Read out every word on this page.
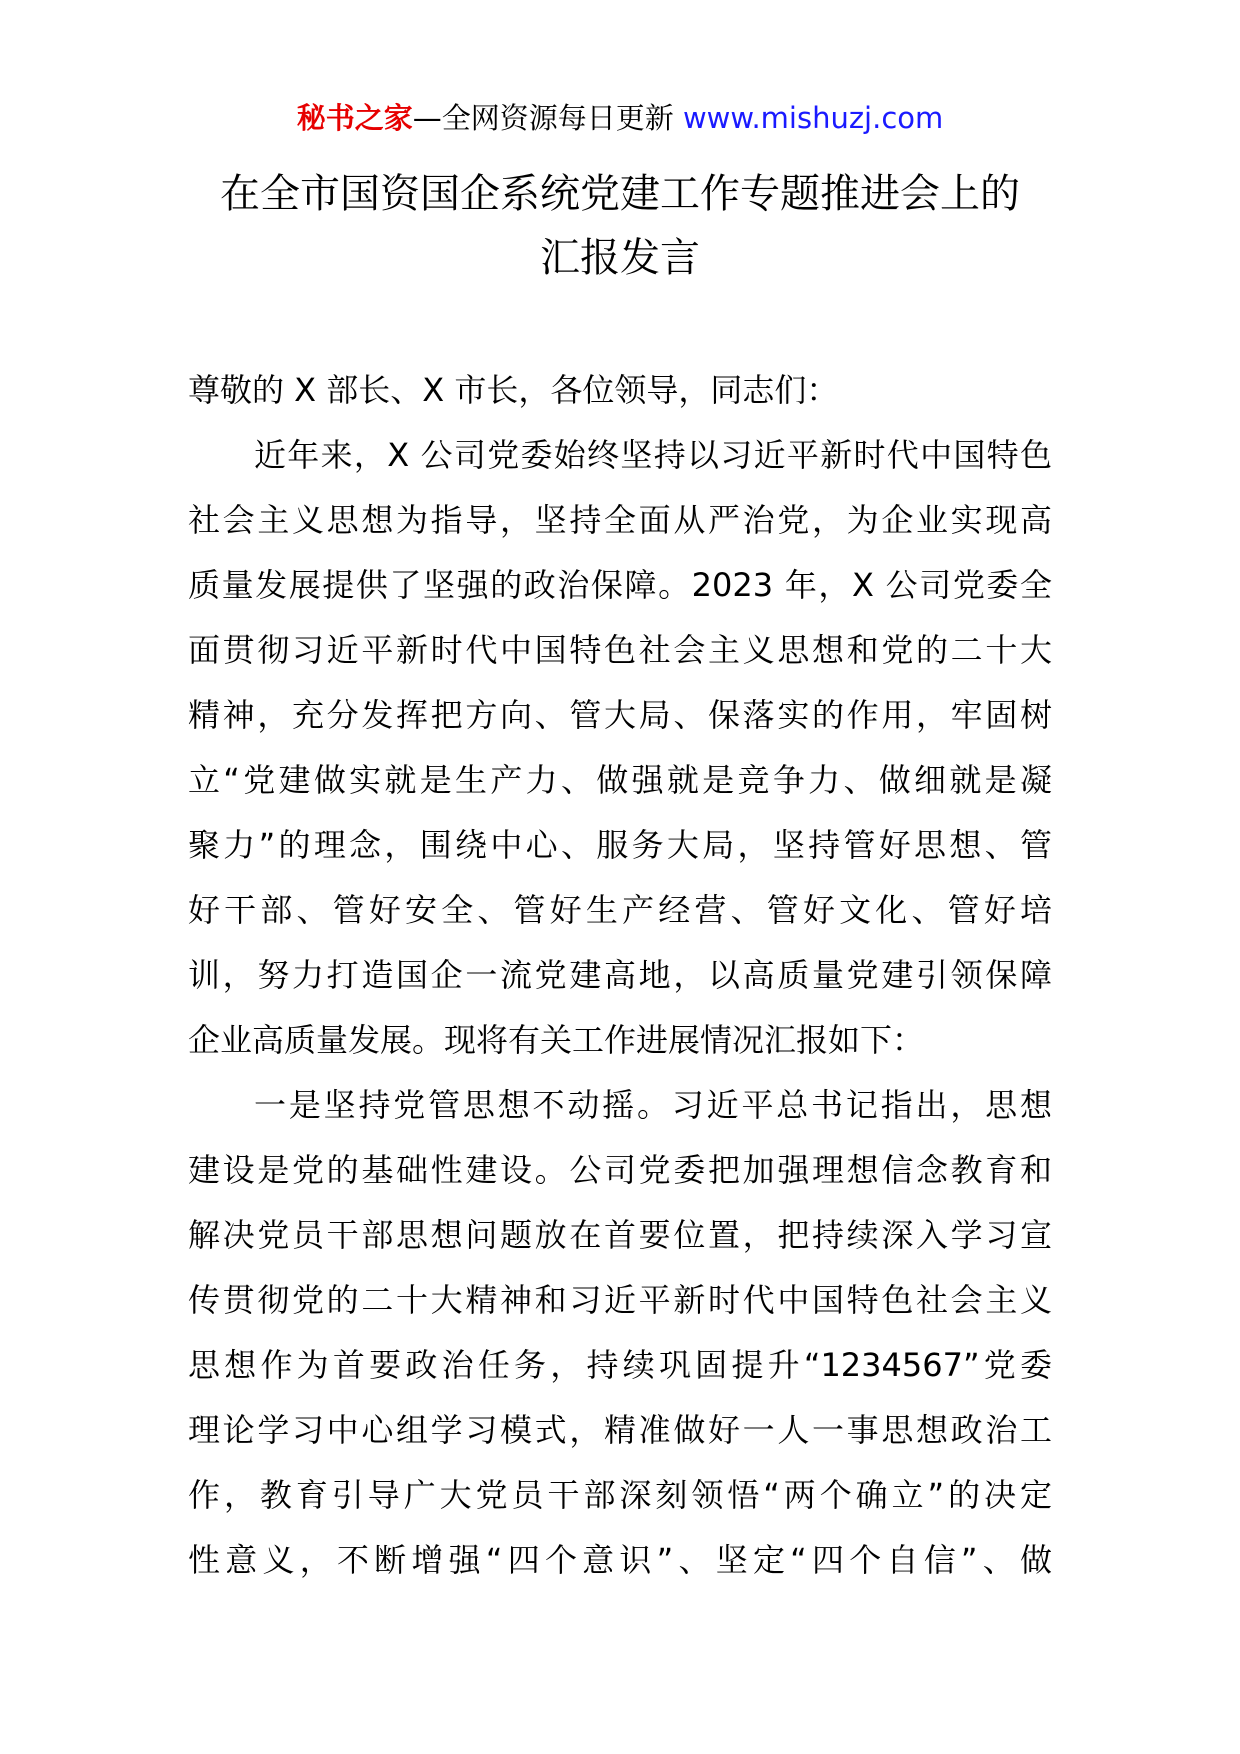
秘书之家—全网资源每日更新 www.mishuzj.com
在全市国资国企系统党建工作专题推进会上的
汇报发言
尊敬的 X 部长、X 市长，各位领导，同志们：
近年来，X 公司党委始终坚持以习近平新时代中国特色
社会主义思想为指导，坚持全面从严治党，为企业实现高
质量发展提供了坚强的政治保障。2023 年，X 公司党委全
面贯彻习近平新时代中国特色社会主义思想和党的二十大
精神，充分发挥把方向、管大局、保落实的作用，牢固树
立“党建做实就是生产力、做强就是竞争力、做细就是凝
聚力”的理念，围绕中心、服务大局，坚持管好思想、管
好干部、管好安全、管好生产经营、管好文化、管好培
训，努力打造国企一流党建高地，以高质量党建引领保障
企业高质量发展。现将有关工作进展情况汇报如下：
一是坚持党管思想不动摇。习近平总书记指出，思想
建设是党的基础性建设。公司党委把加强理想信念教育和
解决党员干部思想问题放在首要位置，把持续深入学习宣
传贯彻党的二十大精神和习近平新时代中国特色社会主义
思想作为首要政治任务，持续巩固提升“1234567”党委
理论学习中心组学习模式，精准做好一人一事思想政治工
作，教育引导广大党员干部深刻领悟“两个确立”的决定
性意义，不断增强“四个意识”、坚定“四个自信”、做
